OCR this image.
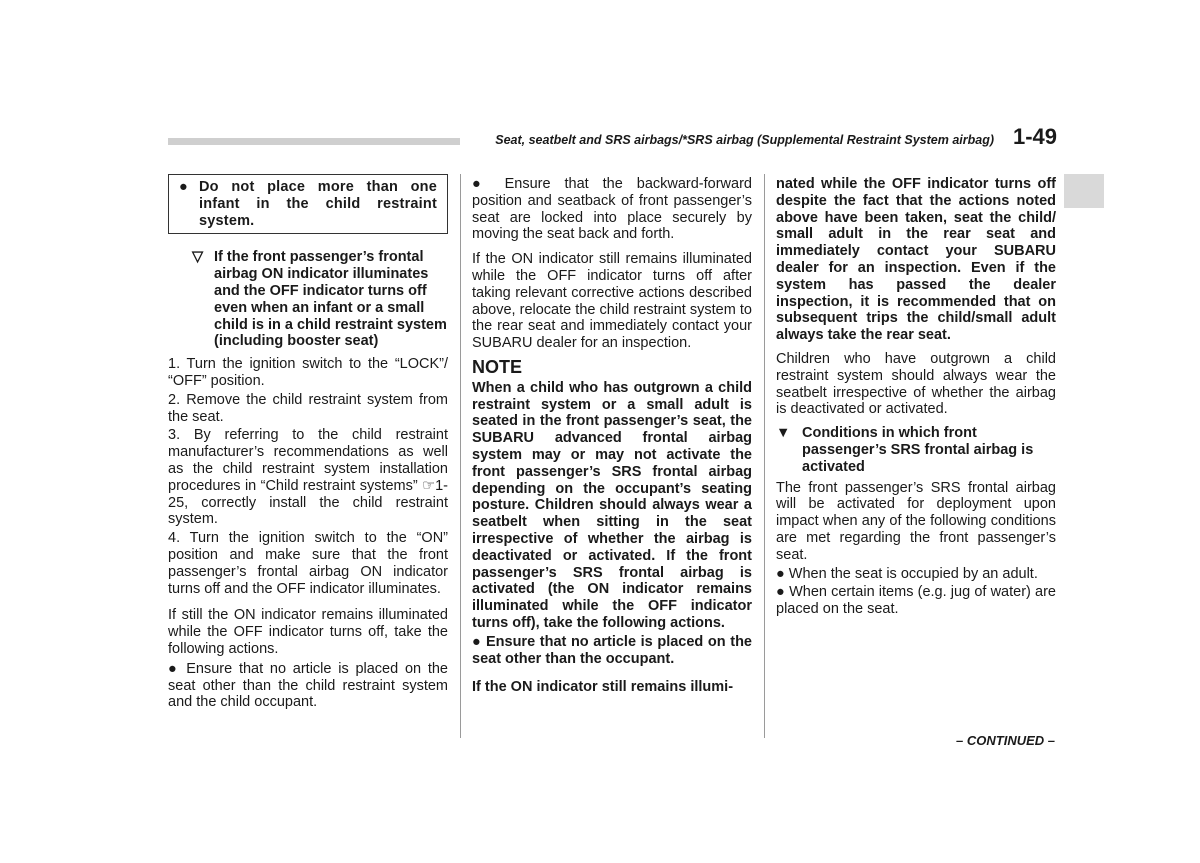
Seat, seatbelt and SRS airbags/*SRS airbag (Supplemental Restraint System airbag) 1-49
● Do not place more than one infant in the child restraint system.
▽ If the front passenger’s frontal airbag ON indicator illuminates and the OFF indicator turns off even when an infant or a small child is in a child restraint system (including booster seat)

1. Turn the ignition switch to the “LOCK”/ “OFF” position.

2. Remove the child restraint system from the seat.

3. By referring to the child restraint manufacturer’s recommendations as well as the child restraint system installation procedures in “Child restraint systems” ☞1-25, correctly install the child restraint system.

4. Turn the ignition switch to the “ON” position and make sure that the front passenger’s frontal airbag ON indicator turns off and the OFF indicator illuminates.

If still the ON indicator remains illuminated while the OFF indicator turns off, take the following actions.

● Ensure that no article is placed on the seat other than the child restraint system and the child occupant.

● Ensure that the backward-forward position and seatback of front passenger’s seat are locked into place securely by moving the seat back and forth.

If the ON indicator still remains illuminated while the OFF indicator turns off after taking relevant corrective actions described above, relocate the child restraint system to the rear seat and immediately contact your SUBARU dealer for an inspection.

NOTE

When a child who has outgrown a child restraint system or a small adult is seated in the front passenger’s seat, the SUBARU advanced frontal airbag system may or may not activate the front passenger’s SRS frontal airbag depending on the occupant’s seating posture. Children should always wear a seatbelt when sitting in the seat irrespective of whether the airbag is deactivated or activated. If the front passenger’s SRS frontal airbag is activated (the ON indicator remains illuminated while the OFF indicator turns off), take the following actions.

● Ensure that no article is placed on the seat other than the occupant.

If the ON indicator still remains illumi-

nated while the OFF indicator turns off despite the fact that the actions noted above have been taken, seat the child/ small adult in the rear seat and immediately contact your SUBARU dealer for an inspection. Even if the system has passed the dealer inspection, it is recommended that on subsequent trips the child/small adult always take the rear seat.

Children who have outgrown a child restraint system should always wear the seatbelt irrespective of whether the airbag is deactivated or activated.

▼ Conditions in which front passenger’s SRS frontal airbag is activated

The front passenger’s SRS frontal airbag will be activated for deployment upon impact when any of the following conditions are met regarding the front passenger’s seat.

● When the seat is occupied by an adult.

● When certain items (e.g. jug of water) are placed on the seat.

– CONTINUED –
